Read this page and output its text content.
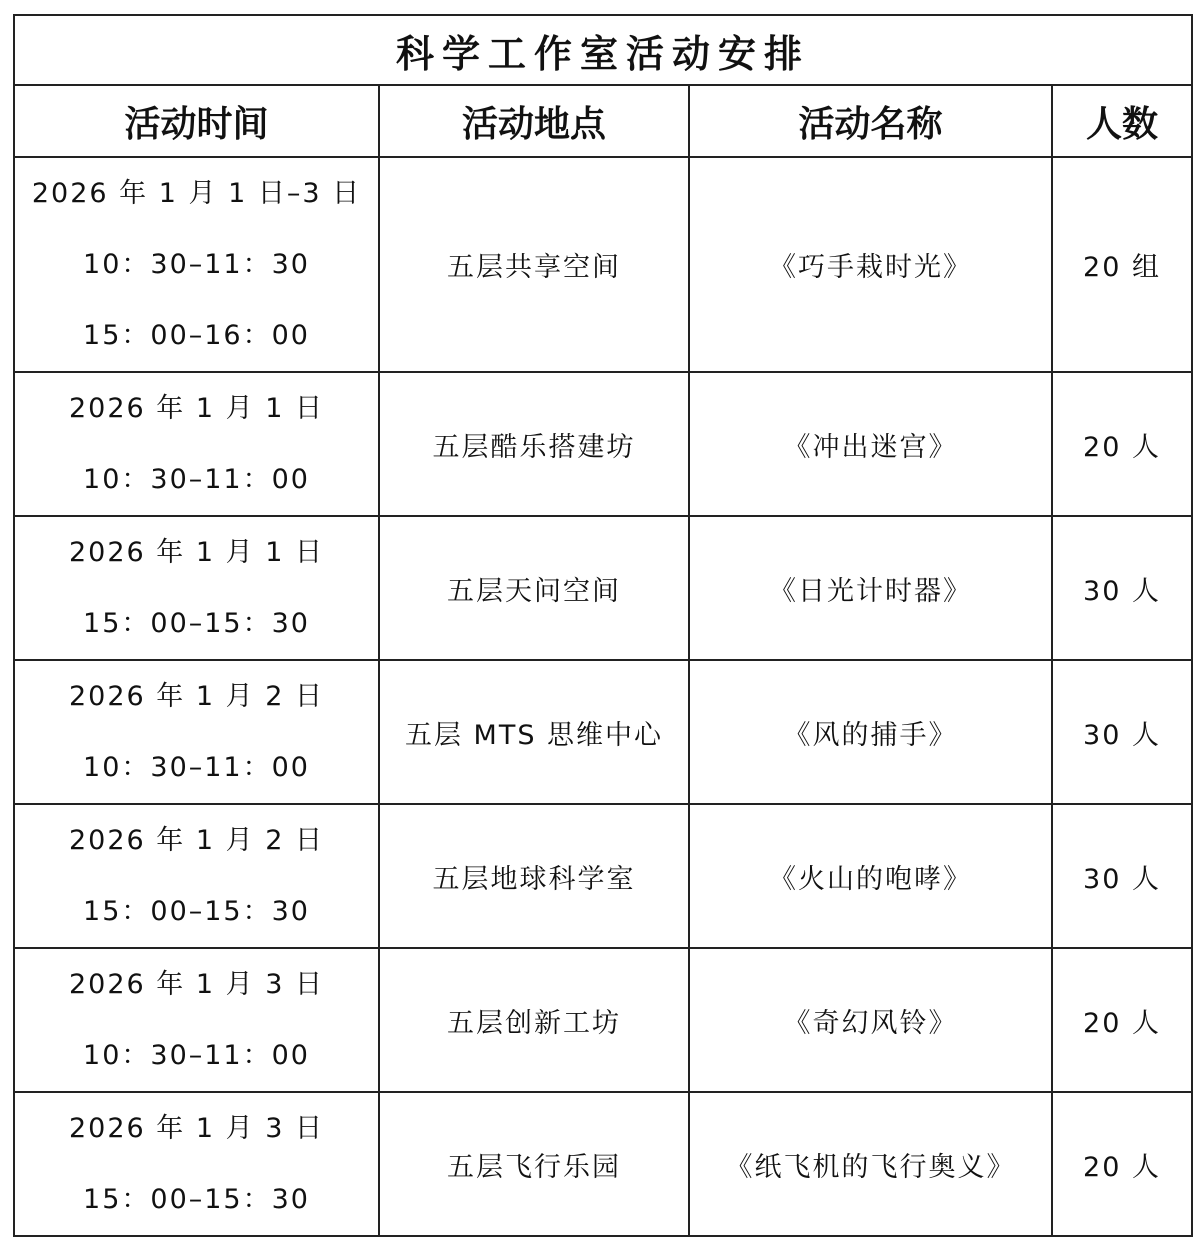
科学工作室活动安排			
活动时间	活动地点	活动名称	人数

2026 年 1 月 1 日–3 日
10：30–11：30
15：00–16：00	五层共享空间	《巧手栽时光》	20 组

2026 年 1 月 1 日
10：30–11：00	五层酷乐搭建坊	《冲出迷宫》	20 人

2026 年 1 月 1 日
15：00–15：30	五层天问空间	《日光计时器》	30 人

2026 年 1 月 2 日
10：30–11：00	五层 MTS 思维中心	《风的捕手》	30 人

2026 年 1 月 2 日
15：00–15：30	五层地球科学室	《火山的咆哮》	30 人

2026 年 1 月 3 日
10：30–11：00	五层创新工坊	《奇幻风铃》	20 人

2026 年 1 月 3 日
15：00–15：30	五层飞行乐园	《纸飞机的飞行奥义》	20 人
